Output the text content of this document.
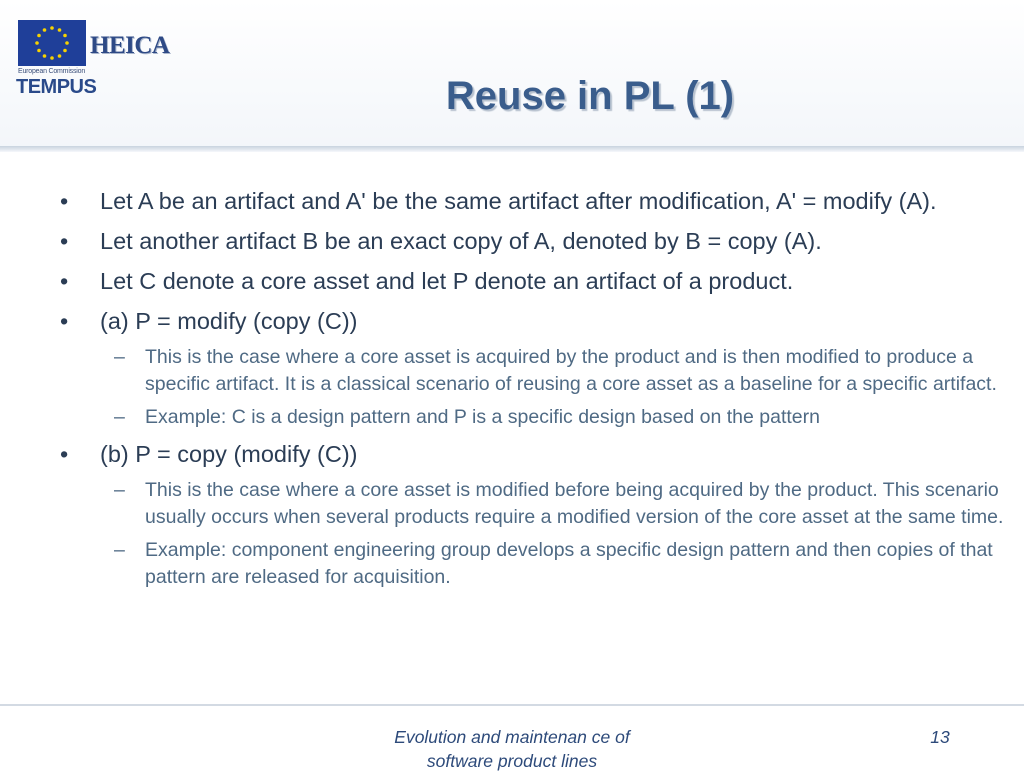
HEICA
European Commission
TEMPUS	Reuse in PL (1)
• Let A be an artifact and A' be the same artifact after modification, A' = modify (A).
• Let another artifact B be an exact copy of A, denoted by B = copy (A).
• Let C denote a core asset and let P denote an artifact of a product.
• (a) P = modify (copy (C))
– This is the case where a core asset is acquired by the product and is then modified to produce a specific artifact. It is a classical scenario of reusing a core asset as a baseline for a specific artifact.
– Example: C is a design pattern and P is a specific design based on the pattern
• (b) P = copy (modify (C))
– This is the case where a core asset is modified before being acquired by the product. This scenario usually occurs when several products require a modified version of the core asset at the same time.
– Example: component engineering group develops a specific design pattern and then copies of that pattern are released for acquisition.
Evolution and maintenan ce of
software product lines
13
